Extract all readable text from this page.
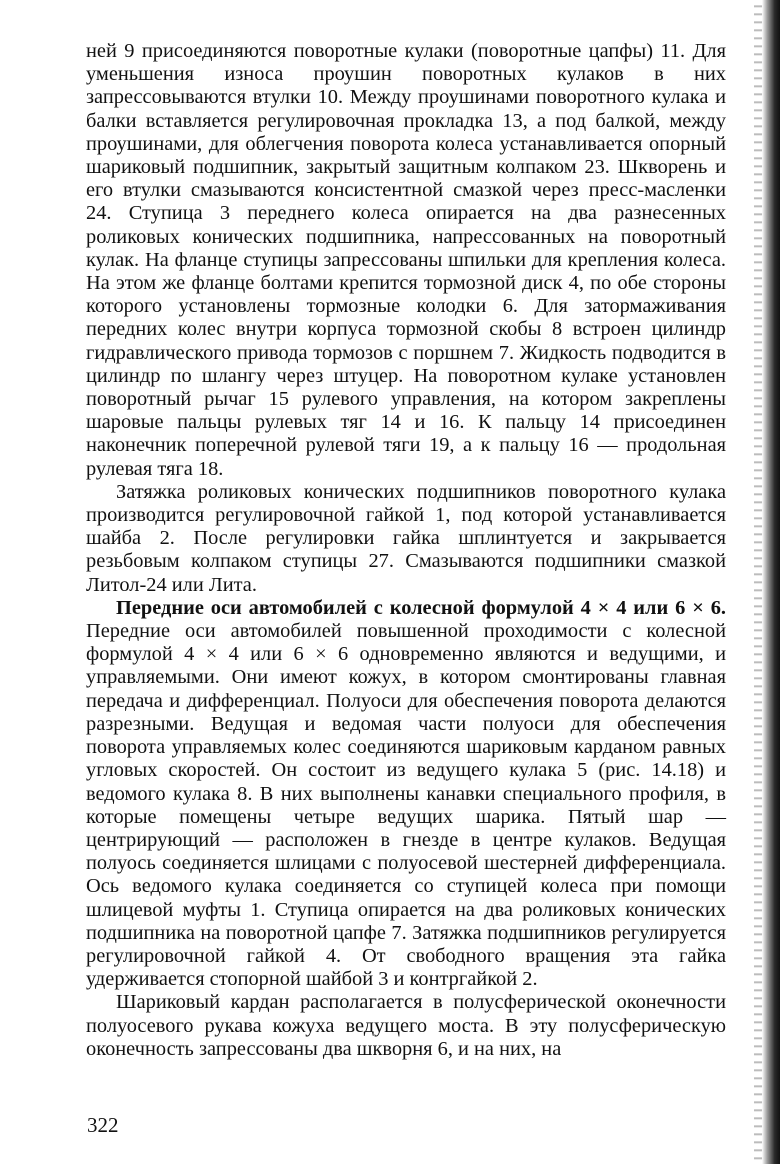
ней 9 присоединяются поворотные кулаки (поворотные цапфы) 11. Для уменьшения износа проушин поворотных кулаков в них запрессовываются втулки 10. Между проушинами поворотного кулака и балки вставляется регулировочная прокладка 13, а под балкой, между проушинами, для облегчения поворота колеса устанавливается опорный шариковый подшипник, закрытый защитным колпаком 23. Шкворень и его втулки смазываются консистентной смазкой через пресс-масленки 24. Ступица 3 переднего колеса опирается на два разнесенных роликовых конических подшипника, напрессованных на поворотный кулак. На фланце ступицы запрессованы шпильки для крепления колеса. На этом же фланце болтами крепится тормозной диск 4, по обе стороны которого установлены тормозные колодки 6. Для затормаживания передних колес внутри корпуса тормозной скобы 8 встроен цилиндр гидравлического привода тормозов с поршнем 7. Жидкость подводится в цилиндр по шлангу через штуцер. На поворотном кулаке установлен поворотный рычаг 15 рулевого управления, на котором закреплены шаровые пальцы рулевых тяг 14 и 16. К пальцу 14 присоединен наконечник поперечной рулевой тяги 19, а к пальцу 16 — продольная рулевая тяга 18.

Затяжка роликовых конических подшипников поворотного кулака производится регулировочной гайкой 1, под которой устанавливается шайба 2. После регулировки гайка шплинтуется и закрывается резьбовым колпаком ступицы 27. Смазываются подшипники смазкой Литол-24 или Лита.

Передние оси автомобилей с колесной формулой 4 × 4 или 6 × 6. Передние оси автомобилей повышенной проходимости с колесной формулой 4 × 4 или 6 × 6 одновременно являются и ведущими, и управляемыми. Они имеют кожух, в котором смонтированы главная передача и дифференциал. Полуоси для обеспечения поворота делаются разрезными. Ведущая и ведомая части полуоси для обеспечения поворота управляемых колес соединяются шариковым карданом равных угловых скоростей. Он состоит из ведущего кулака 5 (рис. 14.18) и ведомого кулака 8. В них выполнены канавки специального профиля, в которые помещены четыре ведущих шарика. Пятый шар — центрирующий — расположен в гнезде в центре кулаков. Ведущая полуось соединяется шлицами с полуосевой шестерней дифференциала. Ось ведомого кулака соединяется со ступицей колеса при помощи шлицевой муфты 1. Ступица опирается на два роликовых конических подшипника на поворотной цапфе 7. Затяжка подшипников регулируется регулировочной гайкой 4. От свободного вращения эта гайка удерживается стопорной шайбой 3 и контргайкой 2.

Шариковый кардан располагается в полусферической оконечности полуосевого рукава кожуха ведущего моста. В эту полусферическую оконечность запрессованы два шкворня 6, и на них, на

322
